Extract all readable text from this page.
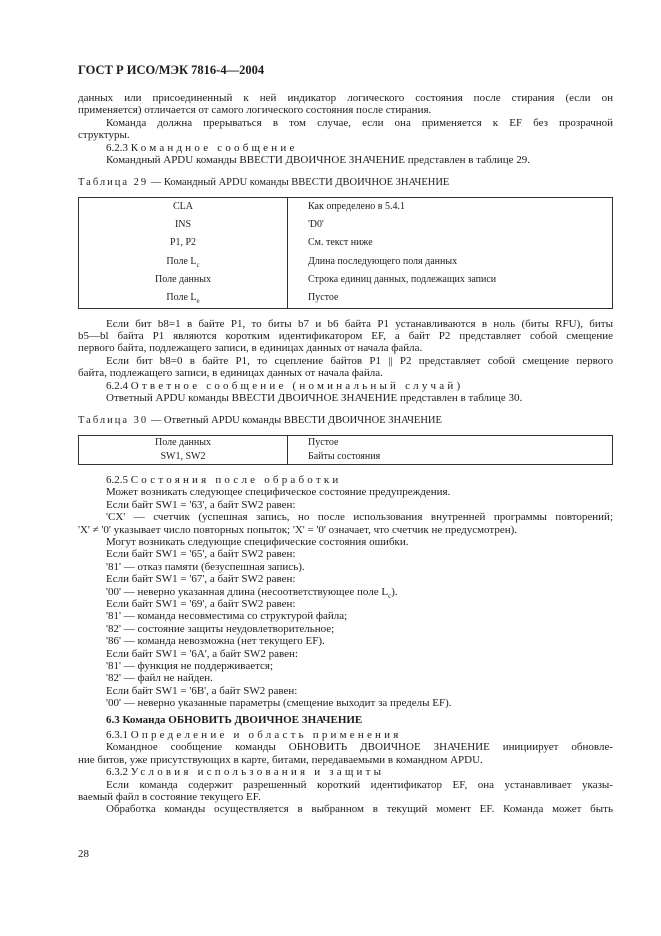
ГОСТ Р ИСО/МЭК 7816-4—2004
данных или присоединенный к ней индикатор логического состояния после стирания (если он
применяется) отличается от самого логического состояния после стирания.
Команда должна прерываться в том случае, если она применяется к EF без прозрачной
структуры.
6.2.3 Командное сообщение
Командный APDU команды ВВЕСТИ ДВОИЧНОЕ ЗНАЧЕНИЕ представлен в таблице 29.
Таблица 29 — Командный APDU команды ВВЕСТИ ДВОИЧНОЕ ЗНАЧЕНИЕ
CLA	Как определено в 5.4.1
INS	'D0'
P1, P2	См. текст ниже
Поле $L_c$	Длина последующего поля данных
Поле данных	Строка единиц данных, подлежащих записи
Поле $L_e$	Пустое
Если бит b8=1 в байте P1, то биты b7 и b6 байта P1 устанавливаются в ноль (биты RFU), биты
b5—bl байта P1 являются коротким идентификатором EF, а байт P2 представляет собой смещение
первого байта, подлежащего записи, в единицах данных от начала файла.
Если бит b8=0 в байте P1, то сцепление байтов P1 || P2 представляет собой смещение первого
байта, подлежащего записи, в единицах данных от начала файла.
6.2.4 Ответное сообщение (номинальный случай)
Ответный APDU команды ВВЕСТИ ДВОИЧНОЕ ЗНАЧЕНИЕ представлен в таблице 30.
Таблица 30 — Ответный APDU команды ВВЕСТИ ДВОИЧНОЕ ЗНАЧЕНИЕ
Поле данных	Пустое
SW1, SW2	Байты состояния
6.2.5 Состояния после обработки
Может возникать следующее специфическое состояние предупреждения.
Если байт SW1 = '63', а байт SW2 равен:
'CX' — счетчик (успешная запись, но после использования внутренней программы повторений;
'X' ≠ '0' указывает число повторных попыток; 'X' = '0' означает, что счетчик не предусмотрен).
Могут возникать следующие специфические состояния ошибки.
Если байт SW1 = '65', а байт SW2 равен:
'81' — отказ памяти (безуспешная запись).
Если байт SW1 = '67', а байт SW2 равен:
'00' — неверно указанная длина (несоответствующее поле $L_c$).
Если байт SW1 = '69', а байт SW2 равен:
'81' — команда несовместима со структурой файла;
'82' — состояние защиты неудовлетворительное;
'86' — команда невозможна (нет текущего EF).
Если байт SW1 = '6A', а байт SW2 равен:
'81' — функция не поддерживается;
'82' — файл не найден.
Если байт SW1 = '6B', а байт SW2 равен:
'00' — неверно указанные параметры (смещение выходит за пределы EF).
6.3 Команда ОБНОВИТЬ ДВОИЧНОЕ ЗНАЧЕНИЕ
6.3.1 Определение и область применения
Командное сообщение команды ОБНОВИТЬ ДВОИЧНОЕ ЗНАЧЕНИЕ инициирует обновле-
ние битов, уже присутствующих в карте, битами, передаваемыми в командном APDU.
6.3.2 Условия использования и защиты
Если команда содержит разрешенный короткий идентификатор EF, она устанавливает указы-
ваемый файл в состояние текущего EF.
Обработка команды осуществляется в выбранном в текущий момент EF. Команда может быть
28
